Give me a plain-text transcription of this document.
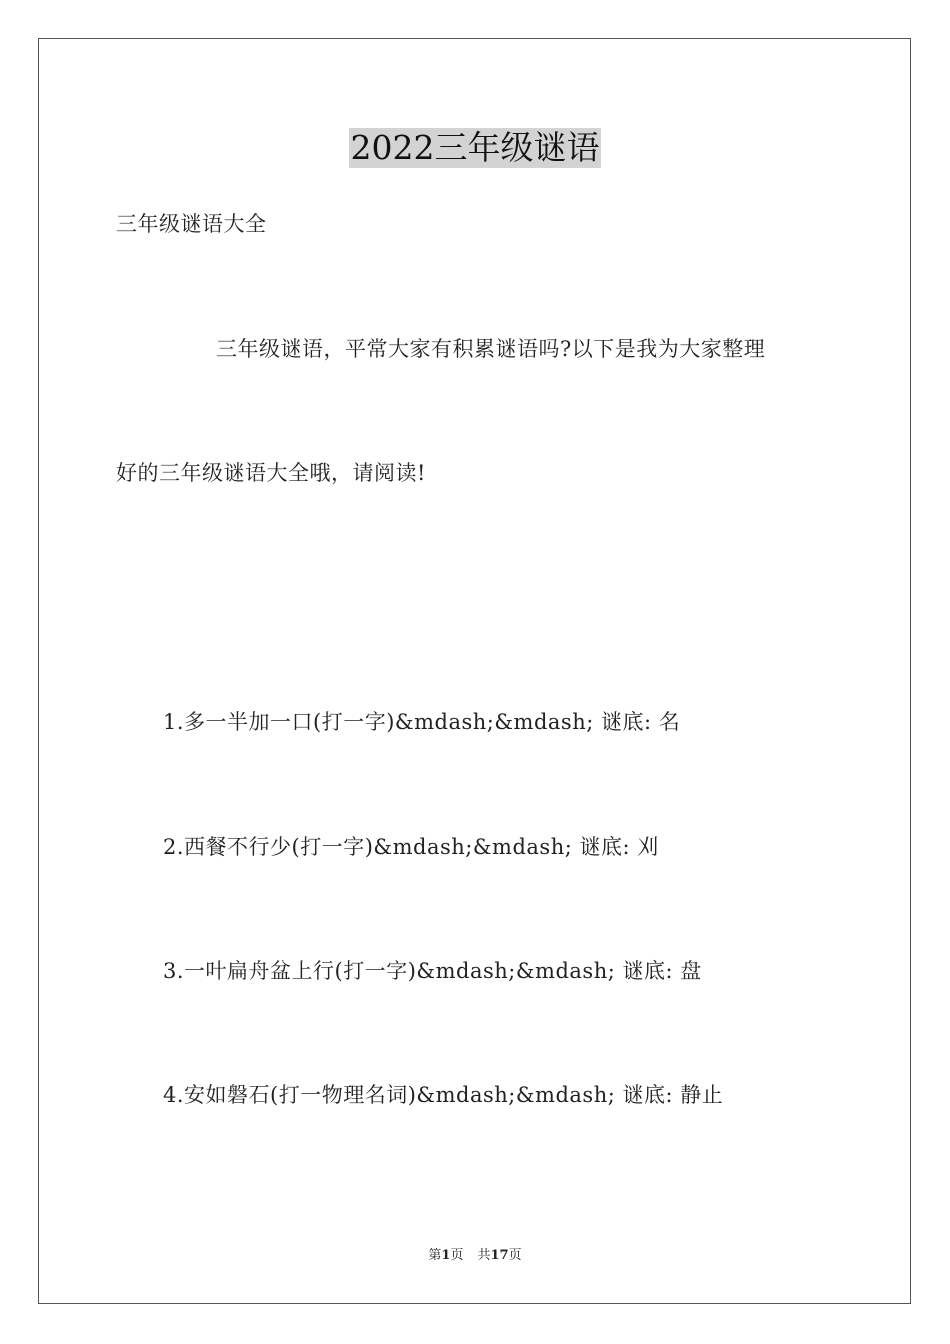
2022三年级谜语
三年级谜语大全
三年级谜语，平常大家有积累谜语吗?以下是我为大家整理
好的三年级谜语大全哦，请阅读!
1.多一半加一口(打一字)&mdash;&mdash; 谜底: 名
2.西餐不行少(打一字)&mdash;&mdash; 谜底: 刈
3.一叶扁舟盆上行(打一字)&mdash;&mdash; 谜底: 盘
4.安如磐石(打一物理名词)&mdash;&mdash; 谜底: 静止
第1页 共17页
